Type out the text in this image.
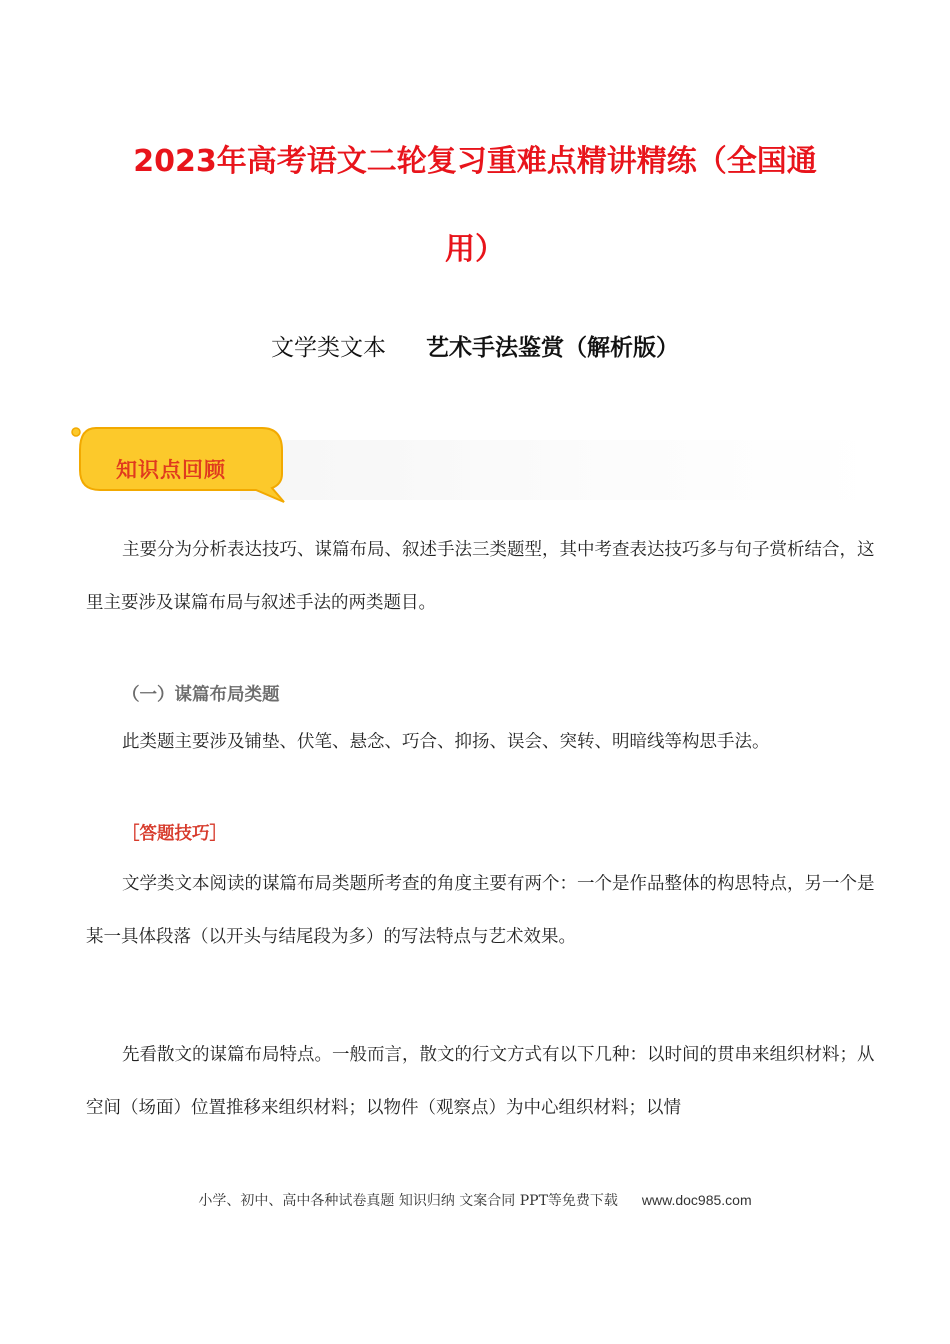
2023年高考语文二轮复习重难点精讲精练（全国通
用）
文学类文本 艺术手法鉴赏（解析版）
知识点回顾

主要分为分析表达技巧、谋篇布局、叙述手法三类题型，其中考查表达技巧多与句子赏析结合，这里主要涉及谋篇布局与叙述手法的两类题目。

（一）谋篇布局类题

此类题主要涉及铺垫、伏笔、悬念、巧合、抑扬、误会、突转、明暗线等构思手法。

［答题技巧］

文学类文本阅读的谋篇布局类题所考查的角度主要有两个：一个是作品整体的构思特点，另一个是某一具体段落（以开头与结尾段为多）的写法特点与艺术效果。

先看散文的谋篇布局特点。一般而言，散文的行文方式有以下几种：以时间的贯串来组织材料；从空间（场面）位置推移来组织材料；以物件（观察点）为中心组织材料；以情

小学、初中、高中各种试卷真题 知识归纳 文案合同 PPT等免费下载 www.doc985.com
